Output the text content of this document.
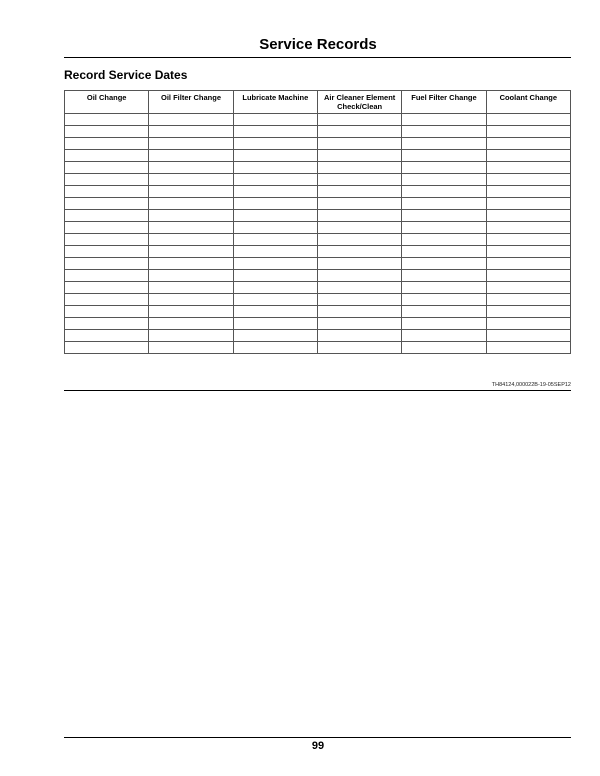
Service Records
Record Service Dates
Oil Change	Oil Filter Change	Lubricate Machine	Air Cleaner Element Check/Clean	Fuel Filter Change	Coolant Change

TH84124,000022B-19-05SEP12
99
